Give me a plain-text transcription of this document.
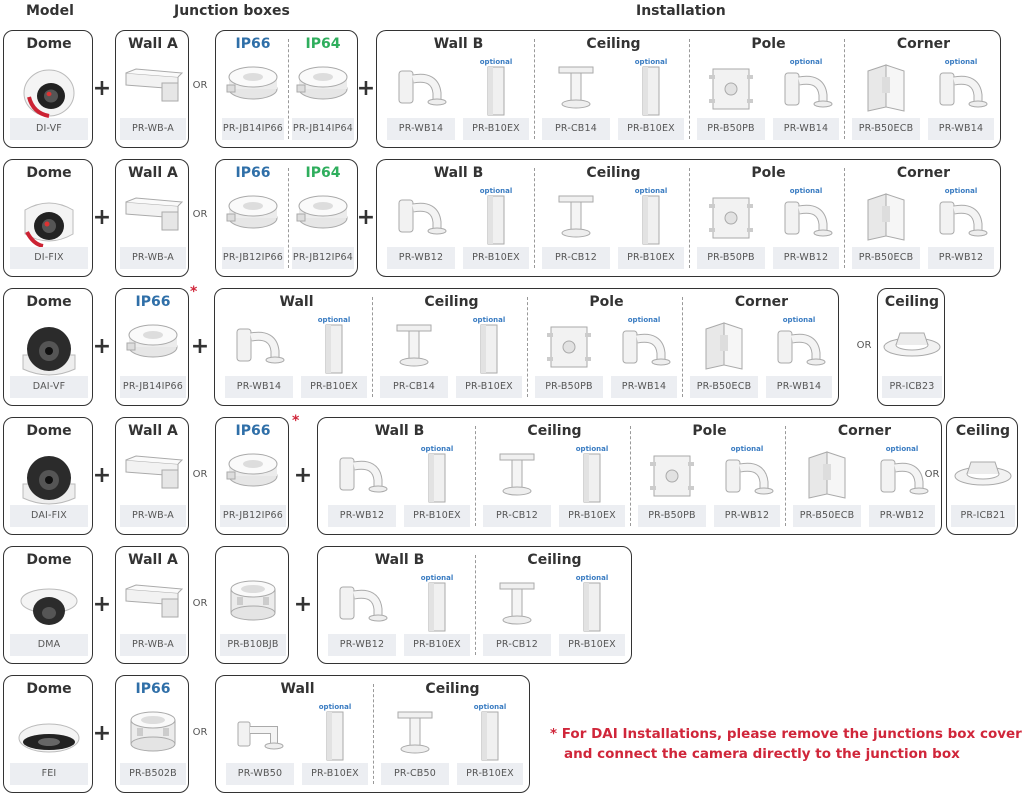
Model	Junction boxes	Installation
Dome
DI-VF
+
Dome
DI-FIX
+
Dome
DAI-VF
+
Dome
DAI-FIX
+
Dome
DMA
+
Dome
FEI
+
Wall A
PR-WB-A
OR
IP66
PR-JB14IP66
IP64
PR-JB14IP64
+
Wall B
PR-WB14
optional
PR-B10EX
Ceiling
PR-CB14
optional
PR-B10EX
Pole
PR-B50PB
optional
PR-WB14
Corner
PR-B50ECB
optional
PR-WB14
Wall A
PR-WB-A
OR
IP66
PR-JB12IP66
IP64
PR-JB12IP64
+
Wall B
PR-WB12
optional
PR-B10EX
Ceiling
PR-CB12
optional
PR-B10EX
Pole
PR-B50PB
optional
PR-WB12
Corner
PR-B50ECB
optional
PR-WB12
IP66
PR-JB14IP66
*
+
Wall
PR-WB14
optional
PR-B10EX
Ceiling
PR-CB14
optional
PR-B10EX
Pole
PR-B50PB
optional
PR-WB14
Corner
PR-B50ECB
optional
PR-WB14
OR
Ceiling
PR-ICB23
Wall A
PR-WB-A
OR
IP66
PR-JB12IP66
*
+
Wall B
PR-WB12
optional
PR-B10EX
Ceiling
PR-CB12
optional
PR-B10EX
Pole
PR-B50PB
optional
PR-WB12
Corner
PR-B50ECB
optional
PR-WB12
OR
Ceiling
PR-ICB21
Wall A
PR-WB-A
OR
PR-B10BJB
+
Wall B
PR-WB12
optional
PR-B10EX
Ceiling
PR-CB12
optional
PR-B10EX
IP66
PR-B502B
OR
Wall
PR-WB50
optional
PR-B10EX
Ceiling
PR-CB50
optional
PR-B10EX
* For DAI Installations, please remove the junctions box cover
and connect the camera directly to the junction box
